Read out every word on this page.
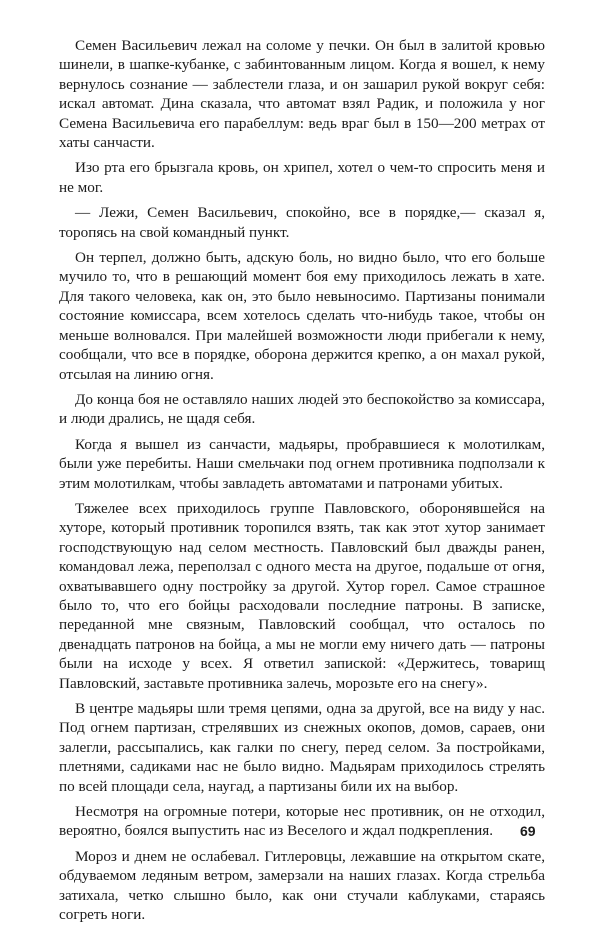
Семен Васильевич лежал на соломе у печки. Он был в залитой кровью шинели, в шапке-кубанке, с забинтованным лицом. Когда я вошел, к нему вернулось сознание — заблестели глаза, и он зашарил рукой вокруг себя: искал автомат. Дина сказала, что автомат взял Радик, и положила у ног Семена Васильевича его парабеллум: ведь враг был в 150—200 метрах от хаты санчасти.

Изо рта его брызгала кровь, он хрипел, хотел о чем-то спросить меня и не мог.

— Лежи, Семен Васильевич, спокойно, все в порядке,— сказал я, торопясь на свой командный пункт.

Он терпел, должно быть, адскую боль, но видно было, что его больше мучило то, что в решающий момент боя ему приходилось лежать в хате. Для такого человека, как он, это было невыносимо. Партизаны понимали состояние комиссара, всем хотелось сделать что-нибудь такое, чтобы он меньше волновался. При малейшей возможности люди прибегали к нему, сообщали, что все в порядке, оборона держится крепко, а он махал рукой, отсылая на линию огня.

До конца боя не оставляло наших людей это беспокойство за комиссара, и люди дрались, не щадя себя.

Когда я вышел из санчасти, мадьяры, пробравшиеся к молотилкам, были уже перебиты. Наши смельчаки под огнем противника подползали к этим молотилкам, чтобы завладеть автоматами и патронами убитых.

Тяжелее всех приходилось группе Павловского, оборонявшейся на хуторе, который противник торопился взять, так как этот хутор занимает господствующую над селом местность. Павловский был дважды ранен, командовал лежа, переползал с одного места на другое, подальше от огня, охватывавшего одну постройку за другой. Хутор горел. Самое страшное было то, что его бойцы расходовали последние патроны. В записке, переданной мне связным, Павловский сообщал, что осталось по двенадцать патронов на бойца, а мы не могли ему ничего дать — патроны были на исходе у всех. Я ответил запиской: «Держитесь, товарищ Павловский, заставьте противника залечь, морозьте его на снегу».

В центре мадьяры шли тремя цепями, одна за другой, все на виду у нас. Под огнем партизан, стрелявших из снежных окопов, домов, сараев, они залегли, рассыпались, как галки по снегу, перед селом. За постройками, плетнями, садиками нас не было видно. Мадьярам приходилось стрелять по всей площади села, наугад, а партизаны били их на выбор.

Несмотря на огромные потери, которые нес противник, он не отходил, вероятно, боялся выпустить нас из Веселого и ждал подкрепления.

Мороз и днем не ослабевал. Гитлеровцы, лежавшие на открытом скате, обдуваемом ледяным ветром, замерзали на наших глазах. Когда стрельба затихала, четко слышно было, как они стучали каблуками, стараясь согреть ноги.

69
